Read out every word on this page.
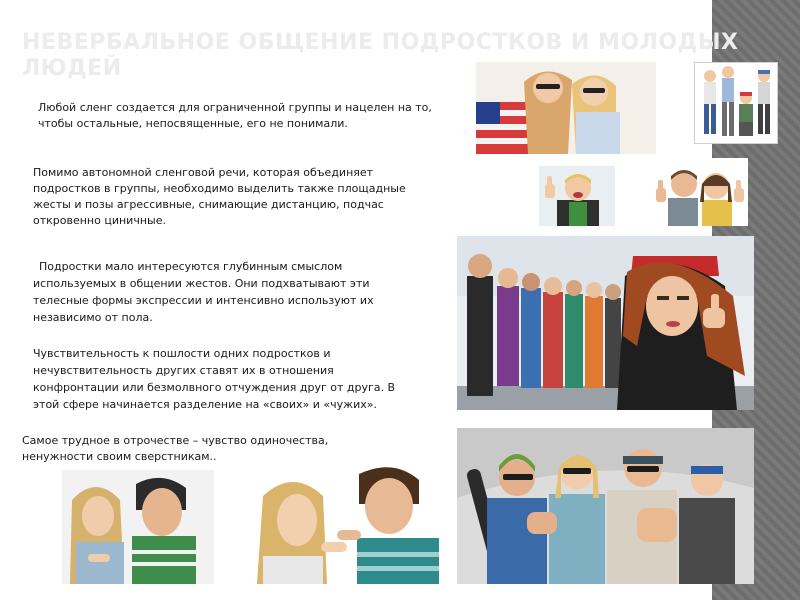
НЕВЕРБАЛЬНОЕ ОБЩЕНИЕ ПОДРОСТКОВ И МОЛОДЫХ ЛЮДЕЙ

Любой сленг создается для ограниченной группы и нацелен на то, чтобы остальные, непосвященные, его не понимали.

Помимо автономной сленговой речи, которая объединяет подростков в группы, необходимо выделить также площадные жесты и позы агрессивные, снимающие дистанцию, подчас откровенно циничные.

Подростки мало интересуются глубинным смыслом используемых в общении жестов. Они подхватывают эти телесные формы экспрессии и интенсивно используют их независимо от пола.

Чувствительность к пошлости одних подростков и нечувствительность других ставят их в отношения конфронтации или безмолвного отчуждения друг от друга. В этой сфере начинается разделение на «своих» и «чужих».

Самое трудное в отрочестве – чувство одиночества, ненужности своим сверстникам..
